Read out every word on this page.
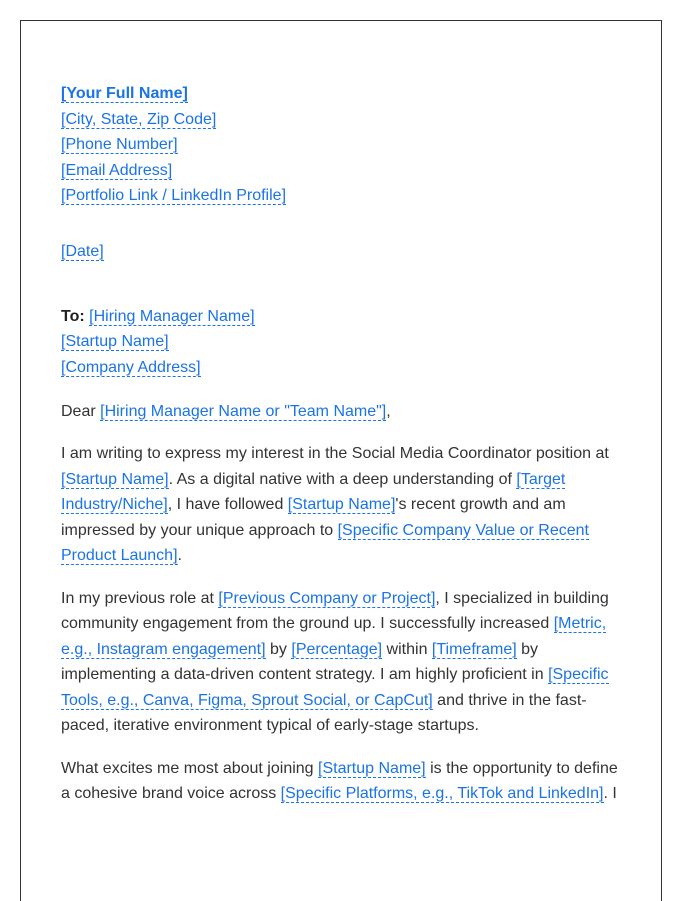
[Your Full Name]
[City, State, Zip Code]
[Phone Number]
[Email Address]
[Portfolio Link / LinkedIn Profile]
[Date]
To: [Hiring Manager Name]
[Startup Name]
[Company Address]
Dear [Hiring Manager Name or "Team Name"],

I am writing to express my interest in the Social Media Coordinator position at [Startup Name]. As a digital native with a deep understanding of [Target Industry/Niche], I have followed [Startup Name]'s recent growth and am impressed by your unique approach to [Specific Company Value or Recent Product Launch].

In my previous role at [Previous Company or Project], I specialized in building community engagement from the ground up. I successfully increased [Metric, e.g., Instagram engagement] by [Percentage] within [Timeframe] by implementing a data-driven content strategy. I am highly proficient in [Specific Tools, e.g., Canva, Figma, Sprout Social, or CapCut] and thrive in the fast-paced, iterative environment typical of early-stage startups.

What excites me most about joining [Startup Name] is the opportunity to define a cohesive brand voice across [Specific Platforms, e.g., TikTok and LinkedIn]. I
